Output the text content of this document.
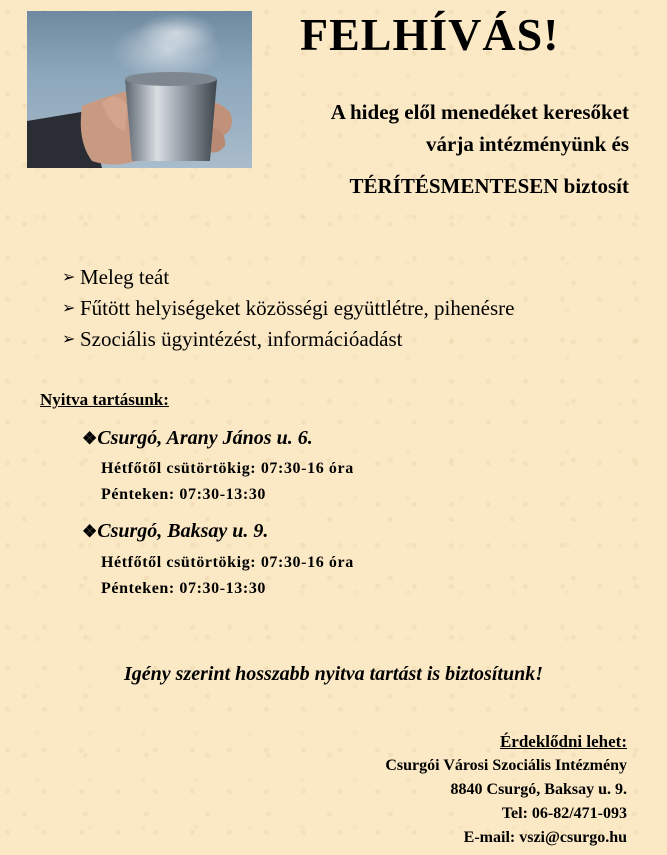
FELHÍVÁS!
A hideg elől menedéket keresőket
várja intézményünk és
TÉRÍTÉSMENTESEN biztosít
➢ Meleg teát
➢ Fűtött helyiségeket közösségi együttlétre, pihenésre
➢ Szociális ügyintézést, információadást
Nyitva tartásunk:
❖Csurgó, Arany János u. 6.
Hétfőtől csütörtökig: 07:30-16 óra
Pénteken: 07:30-13:30
❖Csurgó, Baksay u. 9.
Hétfőtől csütörtökig: 07:30-16 óra
Pénteken: 07:30-13:30
Igény szerint hosszabb nyitva tartást is biztosítunk!
Érdeklődni lehet:
Csurgói Városi Szociális Intézmény
8840 Csurgó, Baksay u. 9.
Tel: 06-82/471-093
E-mail: vszi@csurgo.hu
